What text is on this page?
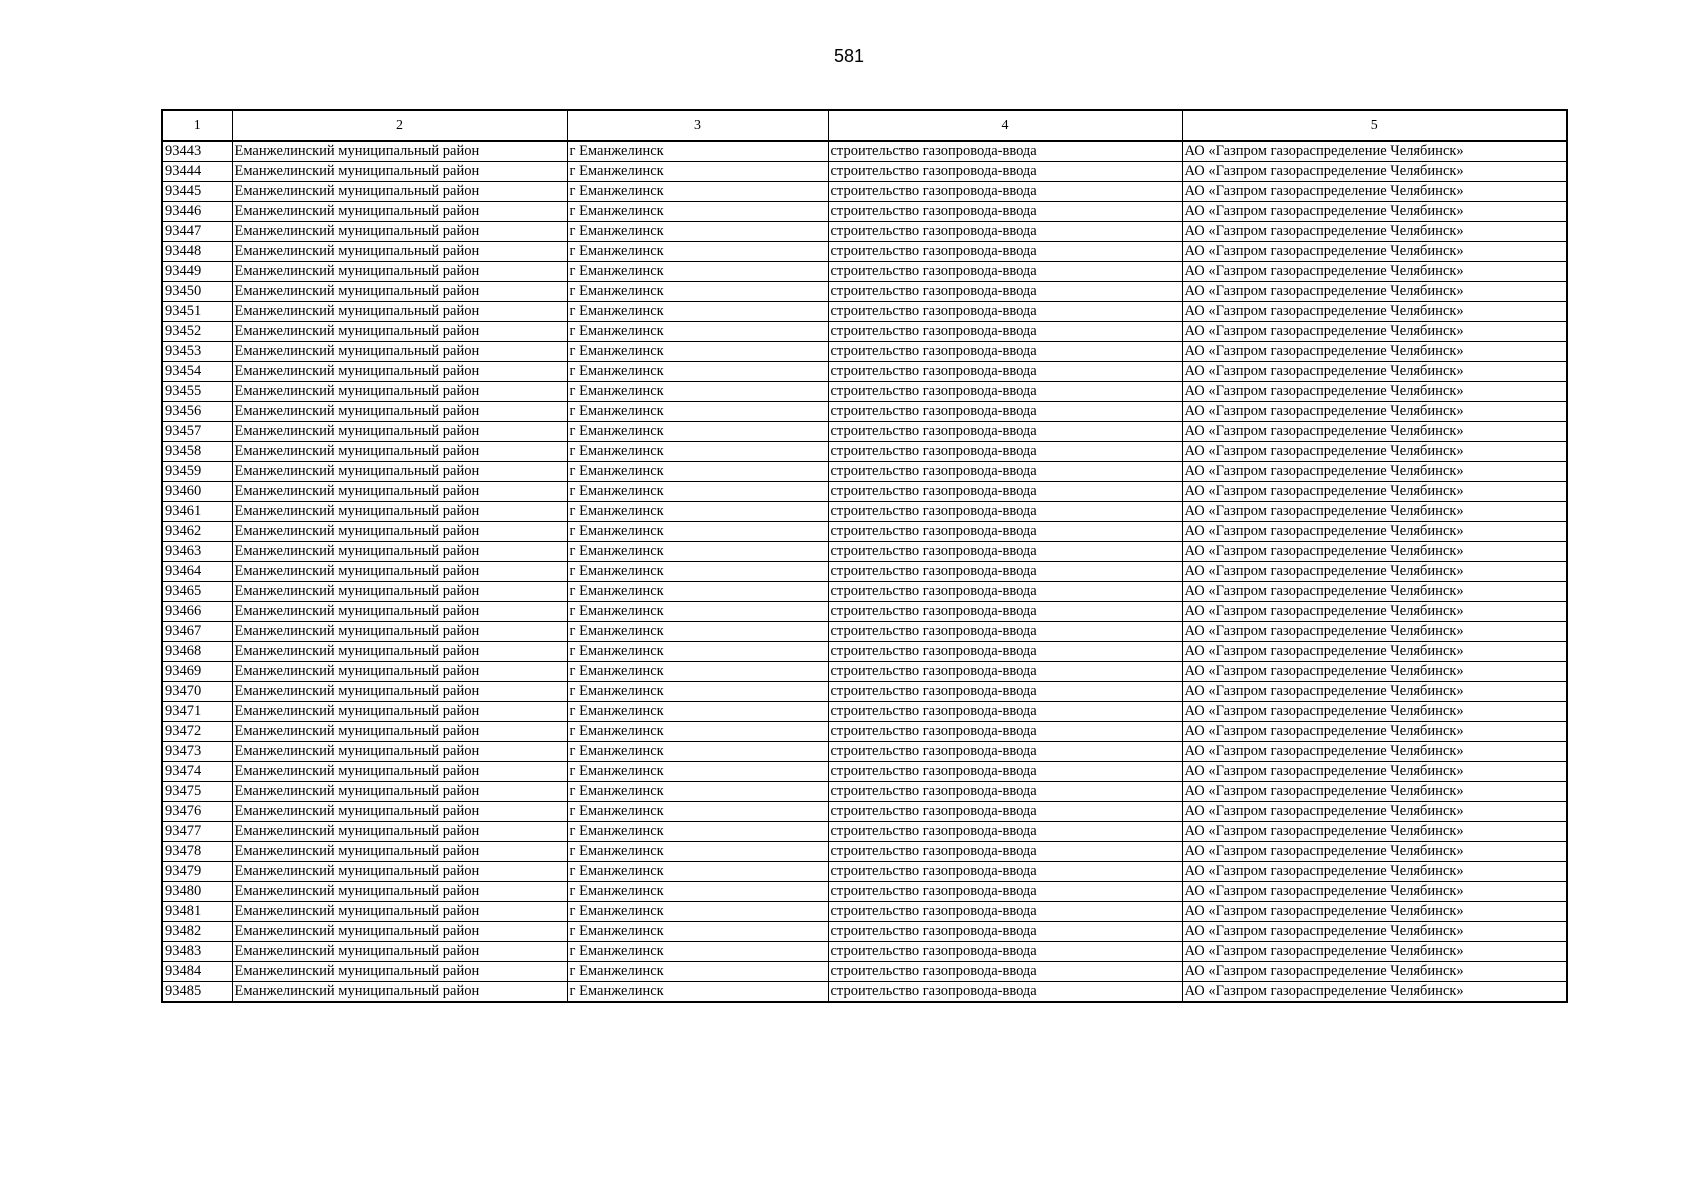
581
1	2	3	4	5
93443	Еманжелинский муниципальный район	г Еманжелинск	строительство газопровода-ввода	АО «Газпром газораспределение Челябинск»
93444	Еманжелинский муниципальный район	г Еманжелинск	строительство газопровода-ввода	АО «Газпром газораспределение Челябинск»
93445	Еманжелинский муниципальный район	г Еманжелинск	строительство газопровода-ввода	АО «Газпром газораспределение Челябинск»
93446	Еманжелинский муниципальный район	г Еманжелинск	строительство газопровода-ввода	АО «Газпром газораспределение Челябинск»
93447	Еманжелинский муниципальный район	г Еманжелинск	строительство газопровода-ввода	АО «Газпром газораспределение Челябинск»
93448	Еманжелинский муниципальный район	г Еманжелинск	строительство газопровода-ввода	АО «Газпром газораспределение Челябинск»
93449	Еманжелинский муниципальный район	г Еманжелинск	строительство газопровода-ввода	АО «Газпром газораспределение Челябинск»
93450	Еманжелинский муниципальный район	г Еманжелинск	строительство газопровода-ввода	АО «Газпром газораспределение Челябинск»
93451	Еманжелинский муниципальный район	г Еманжелинск	строительство газопровода-ввода	АО «Газпром газораспределение Челябинск»
93452	Еманжелинский муниципальный район	г Еманжелинск	строительство газопровода-ввода	АО «Газпром газораспределение Челябинск»
93453	Еманжелинский муниципальный район	г Еманжелинск	строительство газопровода-ввода	АО «Газпром газораспределение Челябинск»
93454	Еманжелинский муниципальный район	г Еманжелинск	строительство газопровода-ввода	АО «Газпром газораспределение Челябинск»
93455	Еманжелинский муниципальный район	г Еманжелинск	строительство газопровода-ввода	АО «Газпром газораспределение Челябинск»
93456	Еманжелинский муниципальный район	г Еманжелинск	строительство газопровода-ввода	АО «Газпром газораспределение Челябинск»
93457	Еманжелинский муниципальный район	г Еманжелинск	строительство газопровода-ввода	АО «Газпром газораспределение Челябинск»
93458	Еманжелинский муниципальный район	г Еманжелинск	строительство газопровода-ввода	АО «Газпром газораспределение Челябинск»
93459	Еманжелинский муниципальный район	г Еманжелинск	строительство газопровода-ввода	АО «Газпром газораспределение Челябинск»
93460	Еманжелинский муниципальный район	г Еманжелинск	строительство газопровода-ввода	АО «Газпром газораспределение Челябинск»
93461	Еманжелинский муниципальный район	г Еманжелинск	строительство газопровода-ввода	АО «Газпром газораспределение Челябинск»
93462	Еманжелинский муниципальный район	г Еманжелинск	строительство газопровода-ввода	АО «Газпром газораспределение Челябинск»
93463	Еманжелинский муниципальный район	г Еманжелинск	строительство газопровода-ввода	АО «Газпром газораспределение Челябинск»
93464	Еманжелинский муниципальный район	г Еманжелинск	строительство газопровода-ввода	АО «Газпром газораспределение Челябинск»
93465	Еманжелинский муниципальный район	г Еманжелинск	строительство газопровода-ввода	АО «Газпром газораспределение Челябинск»
93466	Еманжелинский муниципальный район	г Еманжелинск	строительство газопровода-ввода	АО «Газпром газораспределение Челябинск»
93467	Еманжелинский муниципальный район	г Еманжелинск	строительство газопровода-ввода	АО «Газпром газораспределение Челябинск»
93468	Еманжелинский муниципальный район	г Еманжелинск	строительство газопровода-ввода	АО «Газпром газораспределение Челябинск»
93469	Еманжелинский муниципальный район	г Еманжелинск	строительство газопровода-ввода	АО «Газпром газораспределение Челябинск»
93470	Еманжелинский муниципальный район	г Еманжелинск	строительство газопровода-ввода	АО «Газпром газораспределение Челябинск»
93471	Еманжелинский муниципальный район	г Еманжелинск	строительство газопровода-ввода	АО «Газпром газораспределение Челябинск»
93472	Еманжелинский муниципальный район	г Еманжелинск	строительство газопровода-ввода	АО «Газпром газораспределение Челябинск»
93473	Еманжелинский муниципальный район	г Еманжелинск	строительство газопровода-ввода	АО «Газпром газораспределение Челябинск»
93474	Еманжелинский муниципальный район	г Еманжелинск	строительство газопровода-ввода	АО «Газпром газораспределение Челябинск»
93475	Еманжелинский муниципальный район	г Еманжелинск	строительство газопровода-ввода	АО «Газпром газораспределение Челябинск»
93476	Еманжелинский муниципальный район	г Еманжелинск	строительство газопровода-ввода	АО «Газпром газораспределение Челябинск»
93477	Еманжелинский муниципальный район	г Еманжелинск	строительство газопровода-ввода	АО «Газпром газораспределение Челябинск»
93478	Еманжелинский муниципальный район	г Еманжелинск	строительство газопровода-ввода	АО «Газпром газораспределение Челябинск»
93479	Еманжелинский муниципальный район	г Еманжелинск	строительство газопровода-ввода	АО «Газпром газораспределение Челябинск»
93480	Еманжелинский муниципальный район	г Еманжелинск	строительство газопровода-ввода	АО «Газпром газораспределение Челябинск»
93481	Еманжелинский муниципальный район	г Еманжелинск	строительство газопровода-ввода	АО «Газпром газораспределение Челябинск»
93482	Еманжелинский муниципальный район	г Еманжелинск	строительство газопровода-ввода	АО «Газпром газораспределение Челябинск»
93483	Еманжелинский муниципальный район	г Еманжелинск	строительство газопровода-ввода	АО «Газпром газораспределение Челябинск»
93484	Еманжелинский муниципальный район	г Еманжелинск	строительство газопровода-ввода	АО «Газпром газораспределение Челябинск»
93485	Еманжелинский муниципальный район	г Еманжелинск	строительство газопровода-ввода	АО «Газпром газораспределение Челябинск»
